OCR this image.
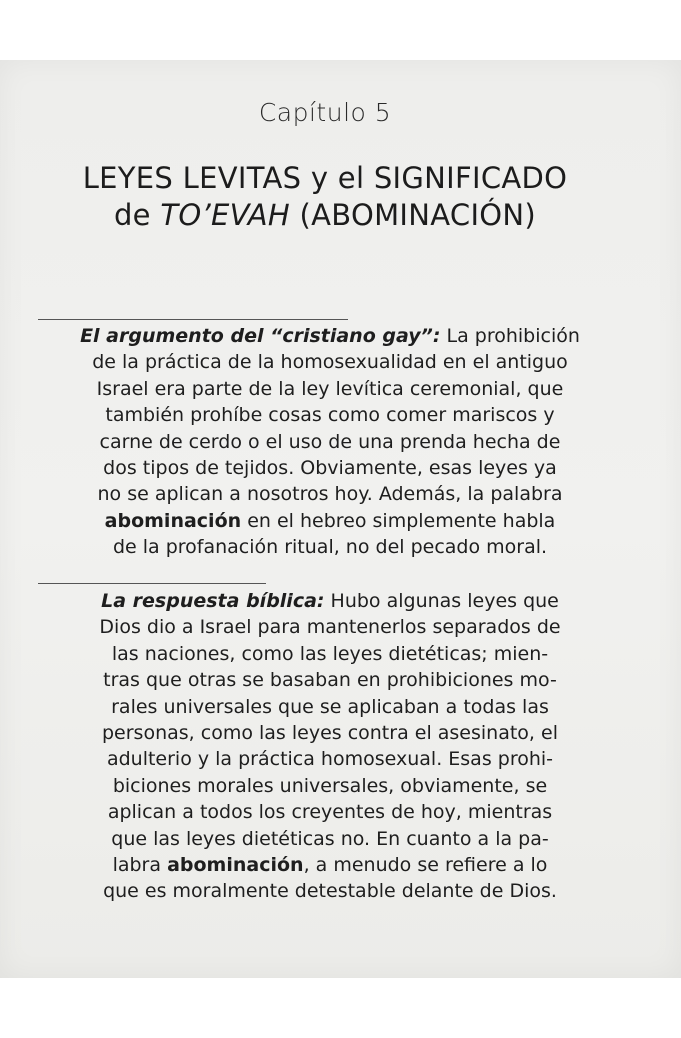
Capítulo 5
LEYES LEVITAS y el SIGNIFICADO
de TO’EVAH (ABOMINACIÓN)
El argumento del “cristiano gay”: La prohibición
de la práctica de la homosexualidad en el antiguo
Israel era parte de la ley levítica ceremonial, que
también prohíbe cosas como comer mariscos y
carne de cerdo o el uso de una prenda hecha de
dos tipos de tejidos. Obviamente, esas leyes ya
no se aplican a nosotros hoy. Además, la palabra
abominación en el hebreo simplemente habla
de la profanación ritual, no del pecado moral.
La respuesta bíblica: Hubo algunas leyes que
Dios dio a Israel para mantenerlos separados de
las naciones, como las leyes dietéticas; mien-
tras que otras se basaban en prohibiciones mo-
rales universales que se aplicaban a todas las
personas, como las leyes contra el asesinato, el
adulterio y la práctica homosexual. Esas prohi-
biciones morales universales, obviamente, se
aplican a todos los creyentes de hoy, mientras
que las leyes dietéticas no. En cuanto a la pa-
labra abominación, a menudo se refiere a lo
que es moralmente detestable delante de Dios.
